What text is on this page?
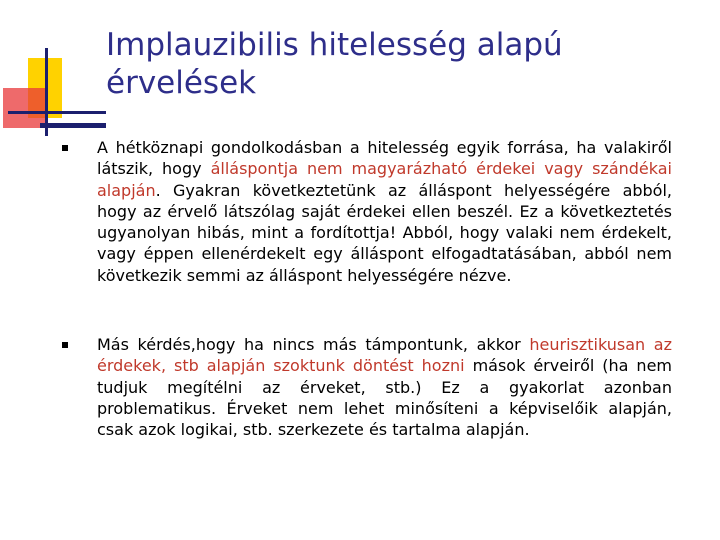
Implauzibilis hitelesség alapú
érvelések
A hétköznapi gondolkodásban a hitelesség egyik forrása, ha valakiről látszik, hogy álláspontja nem magyarázható érdekei vagy szándékai alapján. Gyakran következtetünk az álláspont helyességére abból, hogy az érvelő látszólag saját érdekei ellen beszél. Ez a következtetés ugyanolyan hibás, mint a fordítottja! Abból, hogy valaki nem érdekelt, vagy éppen ellenérdekelt egy álláspont elfogadtatásában, abból nem következik semmi az álláspont helyességére nézve.
Más kérdés,hogy ha nincs más támpontunk, akkor heurisztikusan az érdekek, stb alapján szoktunk döntést hozni mások érveiről (ha nem tudjuk megítélni az érveket, stb.) Ez a gyakorlat azonban problematikus. Érveket nem lehet minősíteni a képviselőik alapján, csak azok logikai, stb. szerkezete és tartalma alapján.
